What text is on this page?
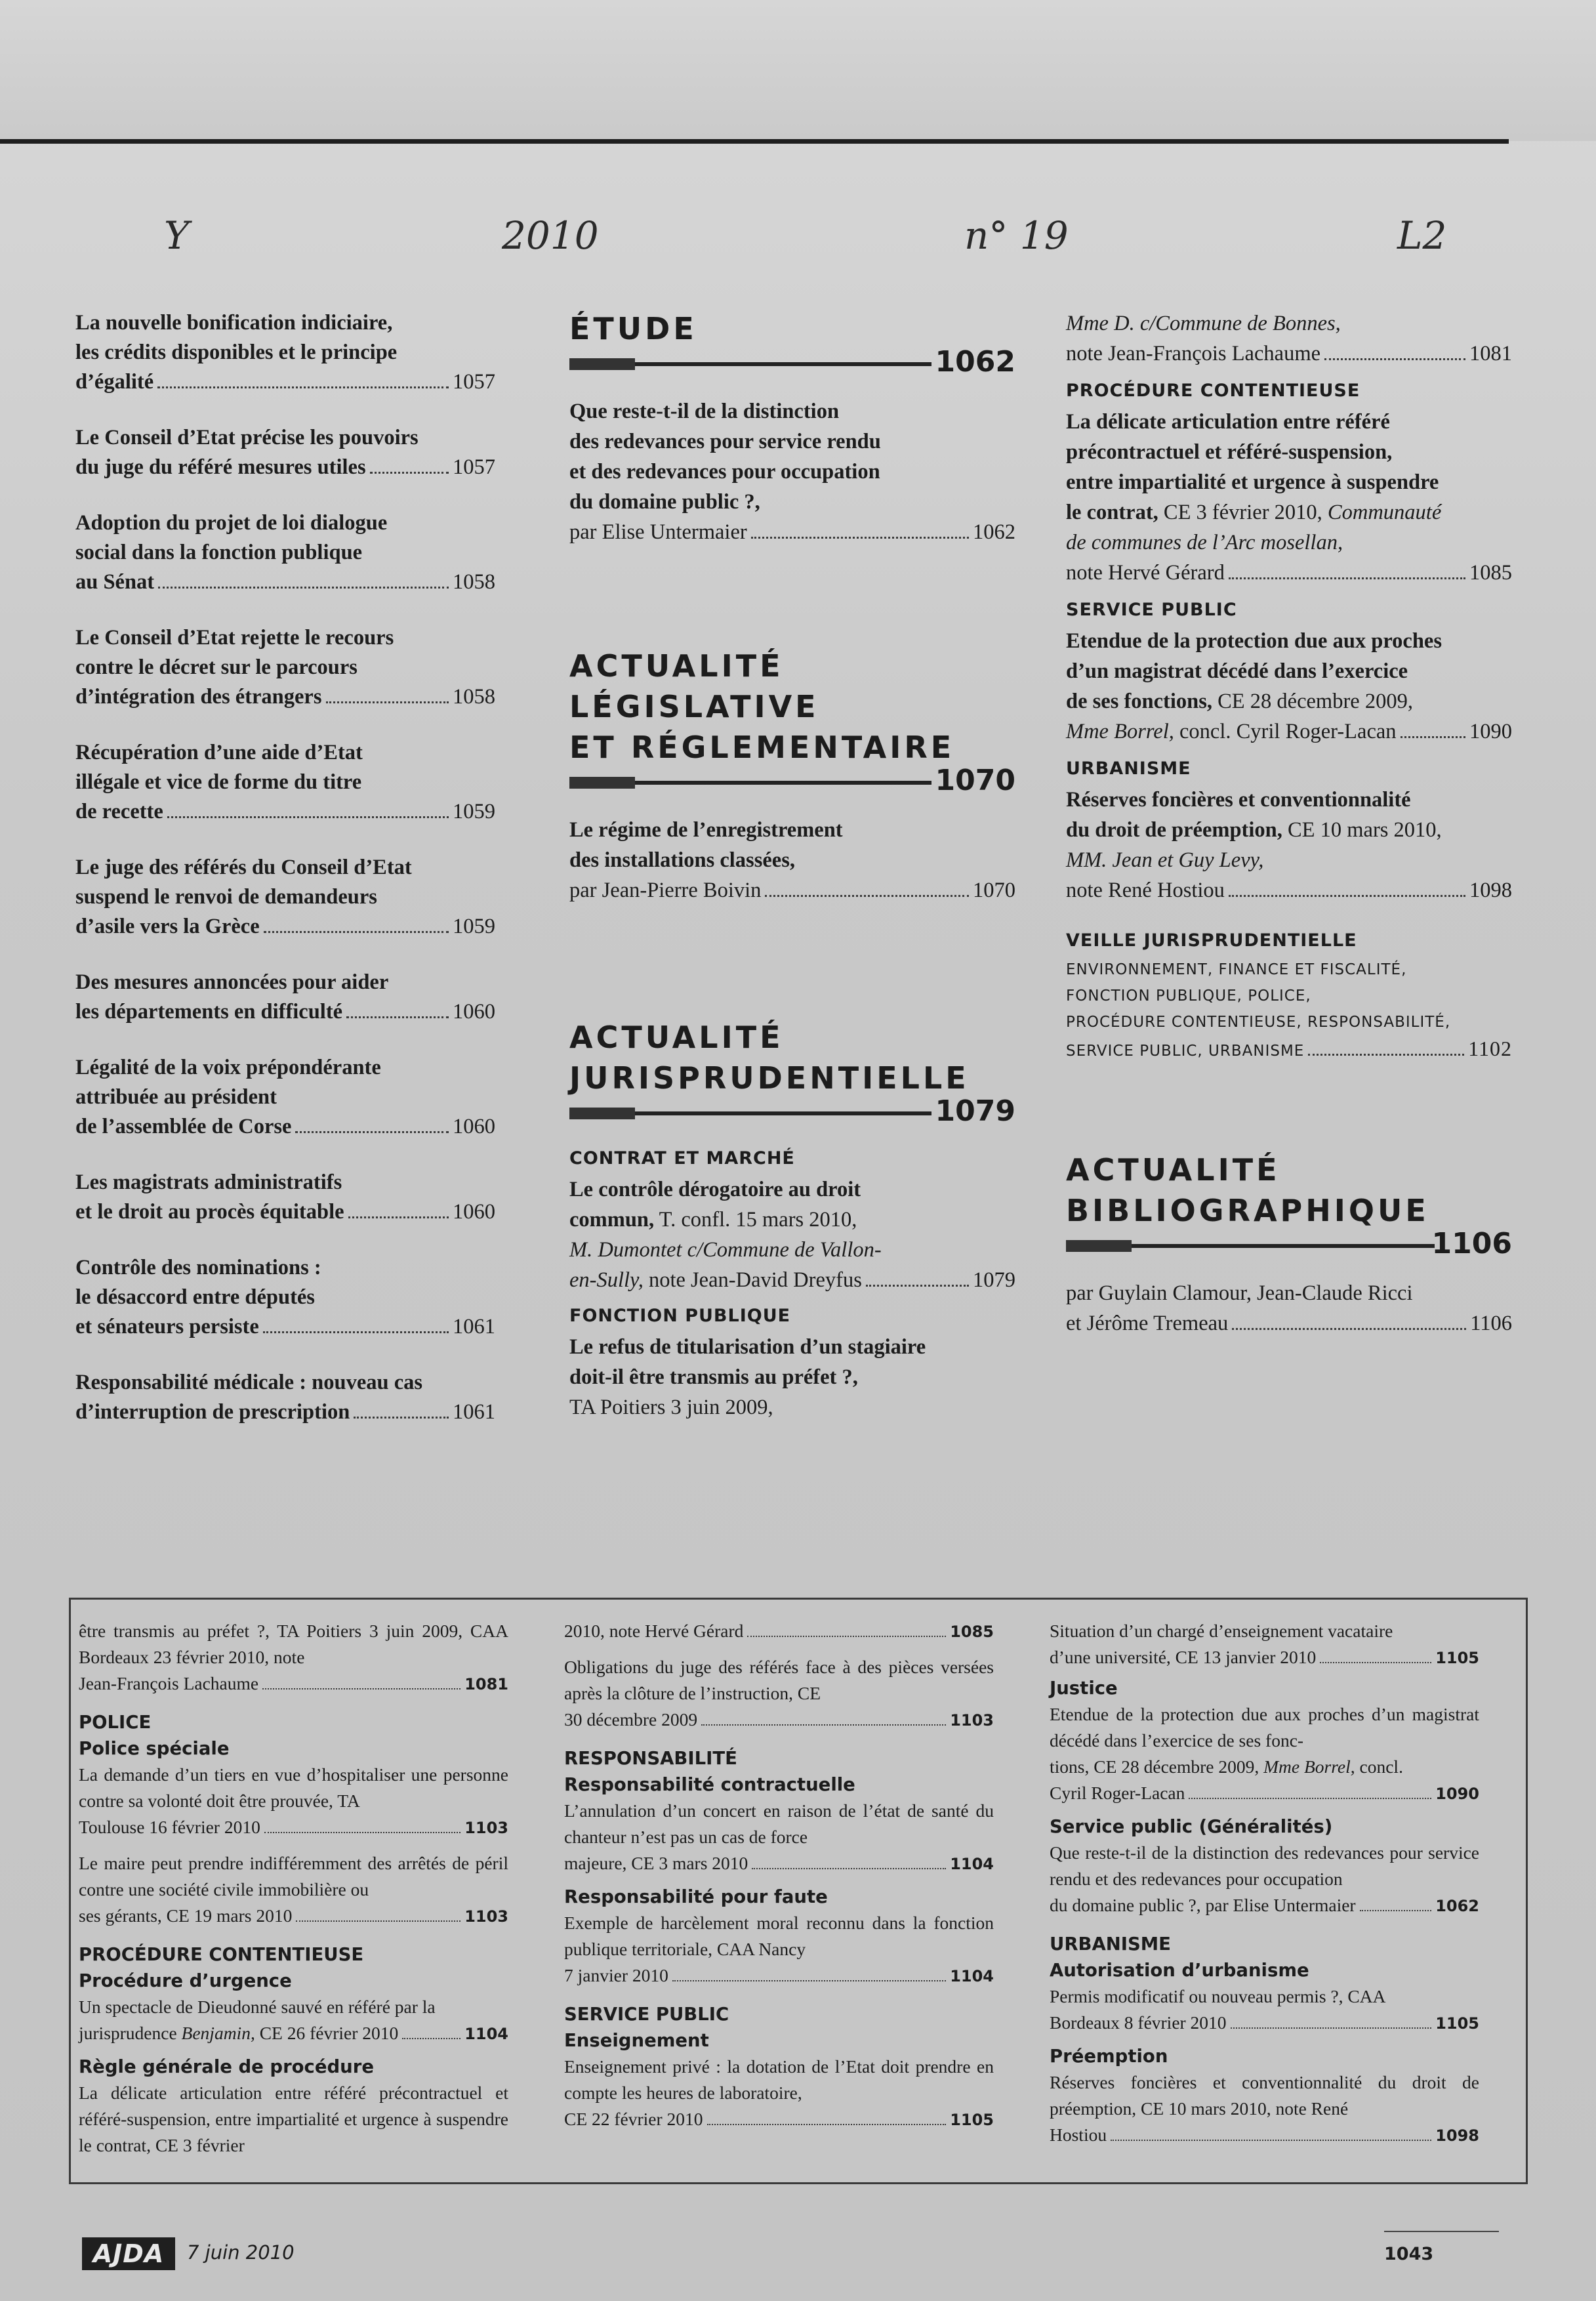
Y	2010	n° 19	L2

La nouvelle bonification indiciaire,

les crédits disponibles et le principe

d’égalité	1057

Le Conseil d’Etat précise les pouvoirs

du juge du référé mesures utiles	1057

Adoption du projet de loi dialogue

social dans la fonction publique

au Sénat	1058

Le Conseil d’Etat rejette le recours

contre le décret sur le parcours

d’intégration des étrangers	1058

Récupération d’une aide d’Etat

illégale et vice de forme du titre

de recette	1059

Le juge des référés du Conseil d’Etat

suspend le renvoi de demandeurs

d’asile vers la Grèce	1059

Des mesures annoncées pour aider

les départements en difficulté	1060

Légalité de la voix prépondérante

attribuée au président

de l’assemblée de Corse	1060

Les magistrats administratifs

et le droit au procès équitable	1060

Contrôle des nominations :

le désaccord entre députés

et sénateurs persiste	1061

Responsabilité médicale : nouveau cas

d’interruption de prescription	1061

ÉTUDE
1062

Que reste-t-il de la distinction

des redevances pour service rendu

et des redevances pour occupation

du domaine public ?,

par Elise Untermaier	1062

ACTUALITÉ LÉGISLATIVE
ET RÉGLEMENTAIRE
1070

Le régime de l’enregistrement

des installations classées,

par Jean-Pierre Boivin	1070

ACTUALITÉ
JURISPRUDENTIELLE
1079

CONTRAT ET MARCHÉ

Le contrôle dérogatoire au droit

commun, T. confl. 15 mars 2010,

M. Dumontet c/Commune de Vallon-

en-Sully, note Jean-David Dreyfus	1079

FONCTION PUBLIQUE

Le refus de titularisation d’un stagiaire

doit-il être transmis au préfet ?,

TA Poitiers 3 juin 2009,

Mme D. c/Commune de Bonnes,

note Jean-François Lachaume	1081

PROCÉDURE CONTENTIEUSE

La délicate articulation entre référé

précontractuel et référé-suspension,

entre impartialité et urgence à suspendre

le contrat, CE 3 février 2010, Communauté

de communes de l’Arc mosellan,

note Hervé Gérard	1085

SERVICE PUBLIC

Etendue de la protection due aux proches

d’un magistrat décédé dans l’exercice

de ses fonctions, CE 28 décembre 2009,

Mme Borrel, concl. Cyril Roger-Lacan	1090

URBANISME

Réserves foncières et conventionnalité

du droit de préemption, CE 10 mars 2010,

MM. Jean et Guy Levy,

note René Hostiou	1098

VEILLE JURISPRUDENTIELLE

ENVIRONNEMENT, FINANCE ET FISCALITÉ,

FONCTION PUBLIQUE, POLICE,

PROCÉDURE CONTENTIEUSE, RESPONSABILITÉ,

SERVICE PUBLIC, URBANISME	1102

ACTUALITÉ
BIBLIOGRAPHIQUE
1106

par Guylain Clamour, Jean-Claude Ricci

et Jérôme Tremeau	1106

être transmis au préfet ?, TA Poitiers 3 juin 2009, CAA Bordeaux 23 février 2010, note

Jean-François Lachaume	1081

POLICE

Police spéciale

La demande d’un tiers en vue d’hospitaliser une personne contre sa volonté doit être prouvée, TA

Toulouse 16 février 2010	1103

Le maire peut prendre indifféremment des arrêtés de péril contre une société civile immobilière ou

ses gérants, CE 19 mars 2010	1103

PROCÉDURE CONTENTIEUSE

Procédure d’urgence

Un spectacle de Dieudonné sauvé en référé par la

jurisprudence Benjamin, CE 26 février 2010	1104

Règle générale de procédure

La délicate articulation entre référé précontractuel et référé-suspension, entre impartialité et urgence à suspendre le contrat, CE 3 février

2010, note Hervé Gérard	1085

Obligations du juge des référés face à des pièces versées après la clôture de l’instruction, CE

30 décembre 2009	1103

RESPONSABILITÉ

Responsabilité contractuelle

L’annulation d’un concert en raison de l’état de santé du chanteur n’est pas un cas de force

majeure, CE 3 mars 2010	1104

Responsabilité pour faute

Exemple de harcèlement moral reconnu dans la fonction publique territoriale, CAA Nancy

7 janvier 2010	1104

SERVICE PUBLIC

Enseignement

Enseignement privé : la dotation de l’Etat doit prendre en compte les heures de laboratoire,

CE 22 février 2010	1105

Situation d’un chargé d’enseignement vacataire

d’une université, CE 13 janvier 2010	1105

Justice

Etendue de la protection due aux proches d’un magistrat décédé dans l’exercice de ses fonc-

tions, CE 28 décembre 2009, Mme Borrel, concl.

Cyril Roger-Lacan	1090

Service public (Généralités)

Que reste-t-il de la distinction des redevances pour service rendu et des redevances pour occupation

du domaine public ?, par Elise Untermaier	1062

URBANISME

Autorisation d’urbanisme

Permis modificatif ou nouveau permis ?, CAA

Bordeaux 8 février 2010	1105

Préemption

Réserves foncières et conventionnalité du droit de préemption, CE 10 mars 2010, note René

Hostiou	1098
AJDA	7 juin 2010	1043
